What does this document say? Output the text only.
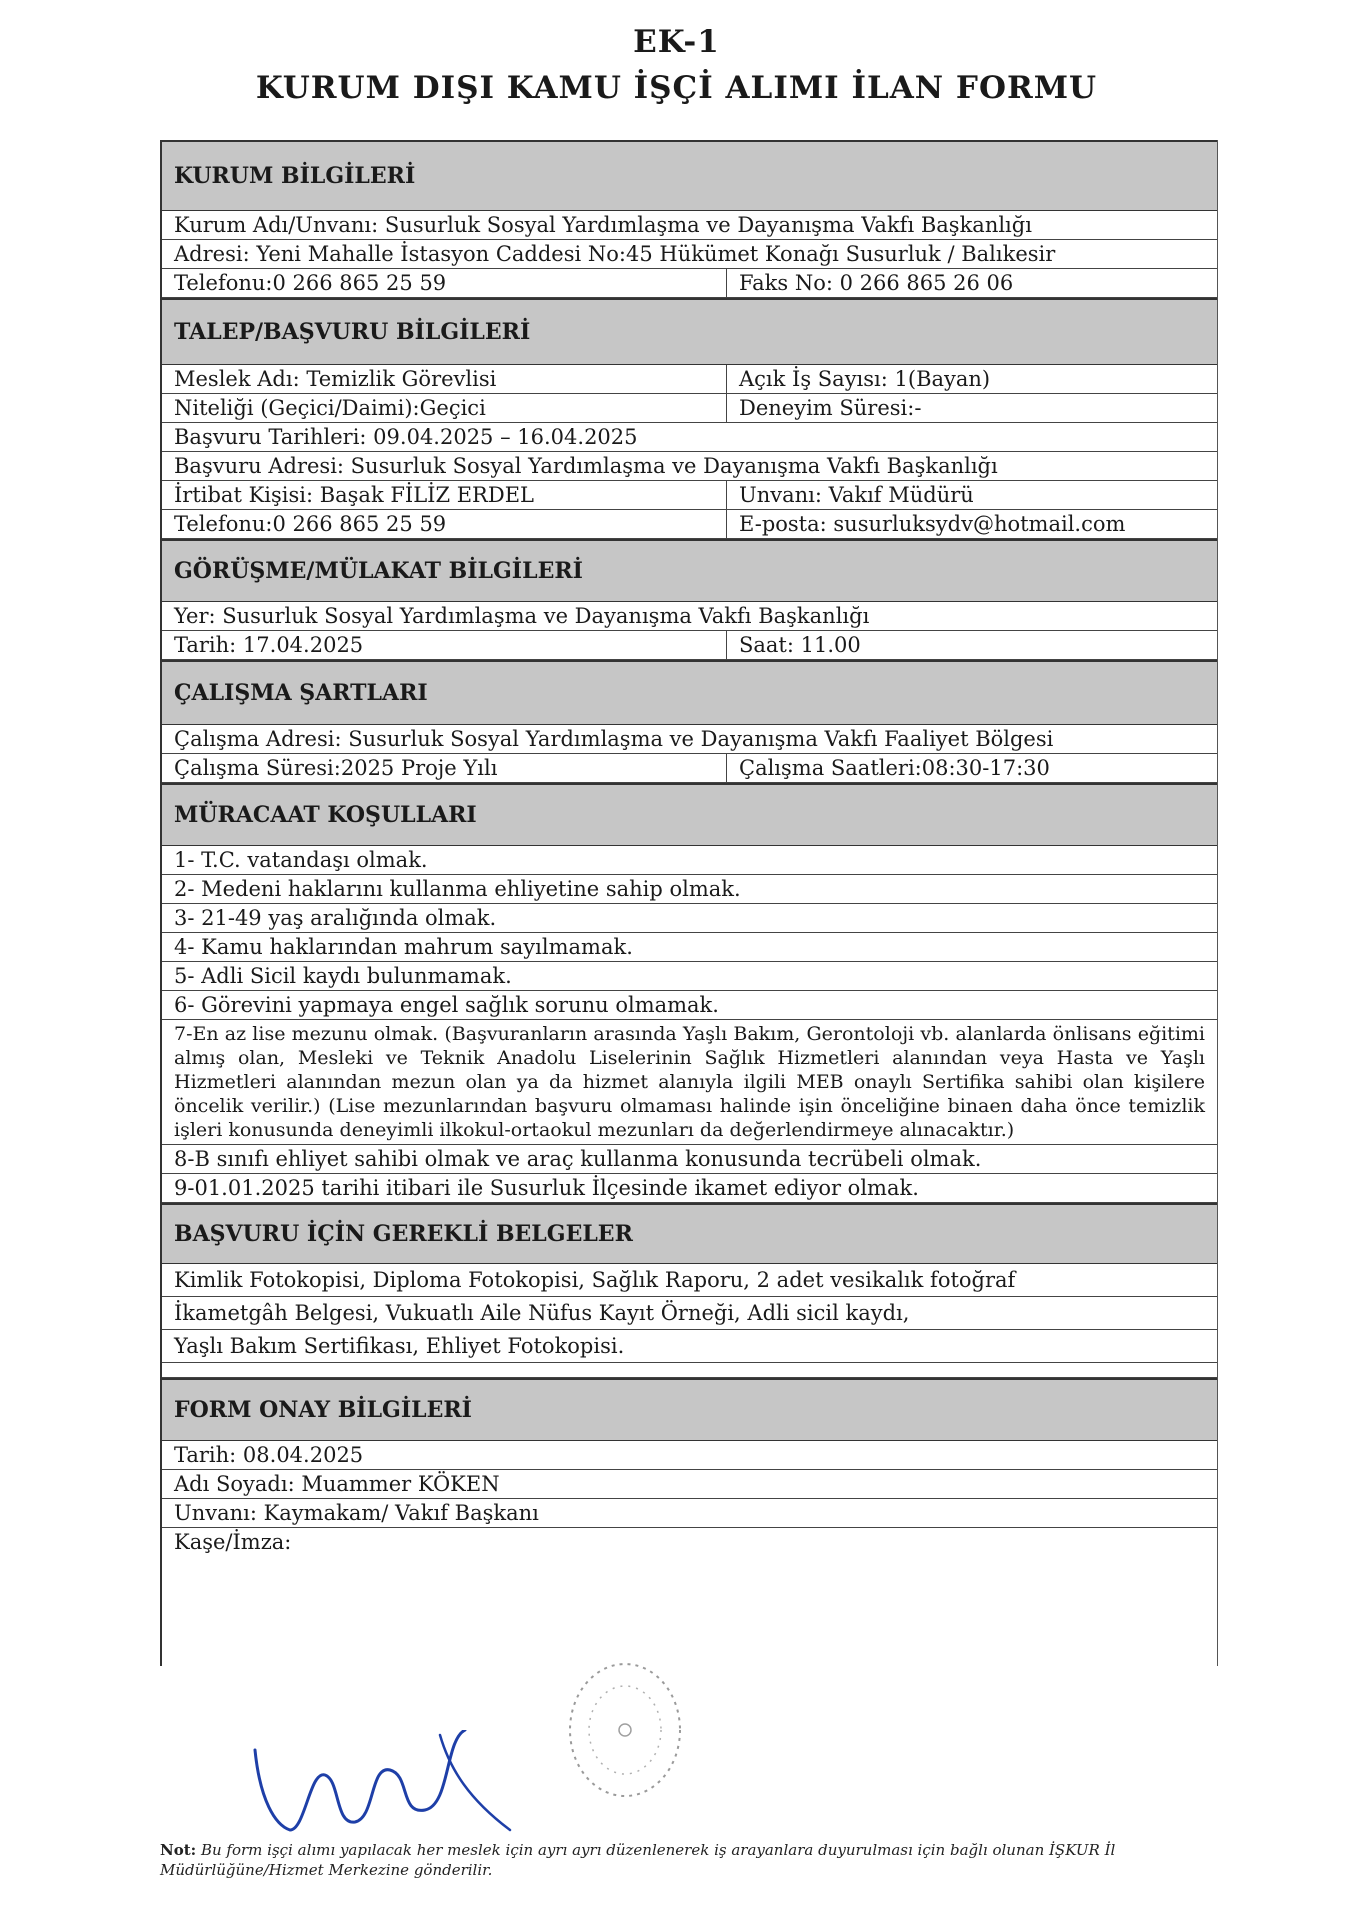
EK-1
KURUM DIŞI KAMU İŞÇİ ALIMI İLAN FORMU
KURUM BİLGİLERİ
Kurum Adı/Unvanı: Susurluk Sosyal Yardımlaşma ve Dayanışma Vakfı Başkanlığı
Adresi: Yeni Mahalle İstasyon Caddesi No:45 Hükümet Konağı Susurluk / Balıkesir
Telefonu:0 266 865 25 59	Faks No: 0 266 865 26 06
TALEP/BAŞVURU BİLGİLERİ
Meslek Adı: Temizlik Görevlisi	Açık İş Sayısı: 1(Bayan)
Niteliği (Geçici/Daimi):Geçici	Deneyim Süresi:-
Başvuru Tarihleri: 09.04.2025 – 16.04.2025
Başvuru Adresi: Susurluk Sosyal Yardımlaşma ve Dayanışma Vakfı Başkanlığı
İrtibat Kişisi: Başak FİLİZ ERDEL	Unvanı: Vakıf Müdürü
Telefonu:0 266 865 25 59	E-posta: susurluksydv@hotmail.com
GÖRÜŞME/MÜLAKAT BİLGİLERİ
Yer: Susurluk Sosyal Yardımlaşma ve Dayanışma Vakfı Başkanlığı
Tarih: 17.04.2025	Saat: 11.00
ÇALIŞMA ŞARTLARI
Çalışma Adresi: Susurluk Sosyal Yardımlaşma ve Dayanışma Vakfı Faaliyet Bölgesi
Çalışma Süresi:2025 Proje Yılı	Çalışma Saatleri:08:30-17:30
MÜRACAAT KOŞULLARI
1- T.C. vatandaşı olmak.
2- Medeni haklarını kullanma ehliyetine sahip olmak.
3- 21-49 yaş aralığında olmak.
4- Kamu haklarından mahrum sayılmamak.
5- Adli Sicil kaydı bulunmamak.
6- Görevini yapmaya engel sağlık sorunu olmamak.
7-En az lise mezunu olmak. (Başvuranların arasında Yaşlı Bakım, Gerontoloji vb. alanlarda önlisans eğitimi almış olan, Mesleki ve Teknik Anadolu Liselerinin Sağlık Hizmetleri alanından veya Hasta ve Yaşlı Hizmetleri alanından mezun olan ya da hizmet alanıyla ilgili MEB onaylı Sertifika sahibi olan kişilere öncelik verilir.) (Lise mezunlarından başvuru olmaması halinde işin önceliğine binaen daha önce temizlik işleri konusunda deneyimli ilkokul-ortaokul mezunları da değerlendirmeye alınacaktır.)
8-B sınıfı ehliyet sahibi olmak ve araç kullanma konusunda tecrübeli olmak.
9-01.01.2025 tarihi itibari ile Susurluk İlçesinde ikamet ediyor olmak.
BAŞVURU İÇİN GEREKLİ BELGELER
Kimlik Fotokopisi, Diploma Fotokopisi, Sağlık Raporu, 2 adet vesikalık fotoğraf
İkametgâh Belgesi, Vukuatlı Aile Nüfus Kayıt Örneği, Adli sicil kaydı,
Yaşlı Bakım Sertifikası, Ehliyet Fotokopisi.
FORM ONAY BİLGİLERİ
Tarih: 08.04.2025
Adı Soyadı: Muammer KÖKEN
Unvanı: Kaymakam/ Vakıf Başkanı
Kaşe/İmza:
Not: Bu form işçi alımı yapılacak her meslek için ayrı ayrı düzenlenerek iş arayanlara duyurulması için bağlı olunan İŞKUR İl Müdürlüğüne/Hizmet Merkezine gönderilir.
